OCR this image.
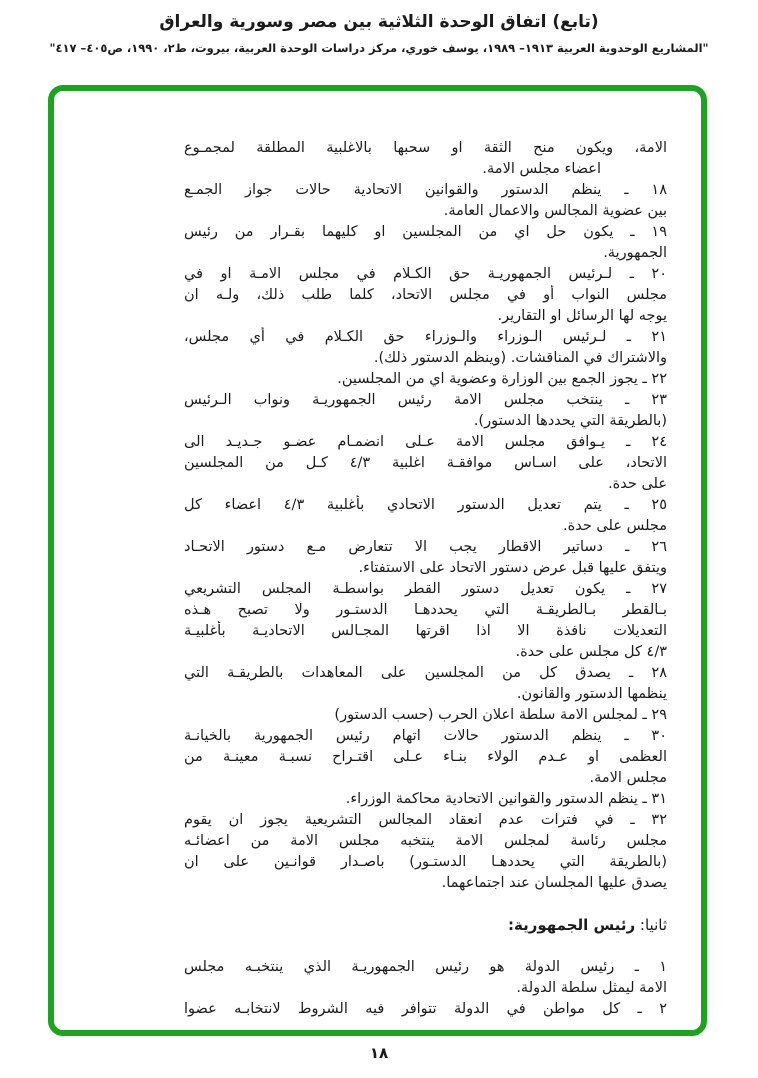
(تابع) اتفاق الوحدة الثلاثية بين مصر وسورية والعراق
"المشاريع الوحدوية العربية ١٩١٣– ١٩٨٩، يوسف خوري، مركز دراسات الوحدة العربية، بيروت، ط٢، ١٩٩٠، ص٤٠٥– ٤١٧"
الامة، ويكون منح الثقة او سحبها بالاغلبية المطلقة لمجمـوع
اعضاء مجلس الامة.
١٨ ـ ينظم الدستور والقوانين الاتحادية حالات جواز الجمـع
بين عضوية المجالس والاعمال العامة.
١٩ ـ يكون حل اي من المجلسين او كليهما بقـرار من رئيس
الجمهورية.
٢٠ ـ لـرئيس الجمهوريـة حق الكـلام في مجلس الامـة او في
مجلس النواب أو في مجلس الاتحاد، كلما طلب ذلك، ولـه ان
يوجه لها الرسائل او التقارير.
٢١ ـ لـرئيس الـوزراء والـوزراء حق الكـلام في أي مجلس،
والاشتراك في المناقشات. (وينظم الدستور ذلك).
٢٢ ـ يجوز الجمع بين الوزارة وعضوية اي من المجلسين.
٢٣ ـ ينتخب مجلس الامة رئيس الجمهوريـة ونواب الـرئيس
(بالطريقة التي يحددها الدستور).
٢٤ ـ يـوافق مجلس الامة عـلى انضمـام عضـو جـديـد الى
الاتحاد، على اسـاس موافقـة اغلبية ٤/٣ كـل من المجلسين
على حدة.
٢٥ ـ يتم تعديل الدستور الاتحادي بأغلبية ٤/٣ اعضاء كل
مجلس على حدة.
٢٦ ـ دساتير الاقطار يجب الا تتعارض مـع دستور الاتحـاد
ويتفق عليها قبل عرض دستور الاتحاد على الاستفتاء.
٢٧ ـ يكون تعديل دستور القطر بواسطـة المجلس التشريعي
بـالقطر بـالطريقـة التي يحددهـا الدستـور ولا تصبح هـذه
التعديلات نافذة الا اذا اقرتها المجـالس الاتحاديـة بأغلبيـة
٤/٣ كل مجلس على حدة.
٢٨ ـ يصدق كل من المجلسين على المعاهدات بالطريقـة التي
ينظمها الدستور والقانون.
٢٩ ـ لمجلس الامة سلطة اعلان الحرب (حسب الدستور)
٣٠ ـ ينظم الدستور حالات اتهام رئيس الجمهورية بالخيانـة
العظمى او عـدم الولاء بنـاء عـلى اقتـراح نسبـة معينـة من
مجلس الامة.
٣١ ـ ينظم الدستور والقوانين الاتحادية محاكمة الوزراء.
٣٢ ـ في فترات عدم انعقاد المجالس التشريعية يجوز ان يقوم
مجلس رئاسة لمجلس الامة ينتخبه مجلس الامة من اعضائـه
(بالطريقة التي يحددهـا الدستـور) باصـدار قوانـين على ان
يصدق عليها المجلسان عند اجتماعهما.
ثانيا: رئيس الجمهورية:
١ ـ رئيس الدولة هو رئيس الجمهوريـة الذي ينتخبـه مجلس
الامة ليمثل سلطة الدولة.
٢ ـ كل مواطن في الدولة تتوافر فيه الشروط لانتخابـه عضوا
١٨
